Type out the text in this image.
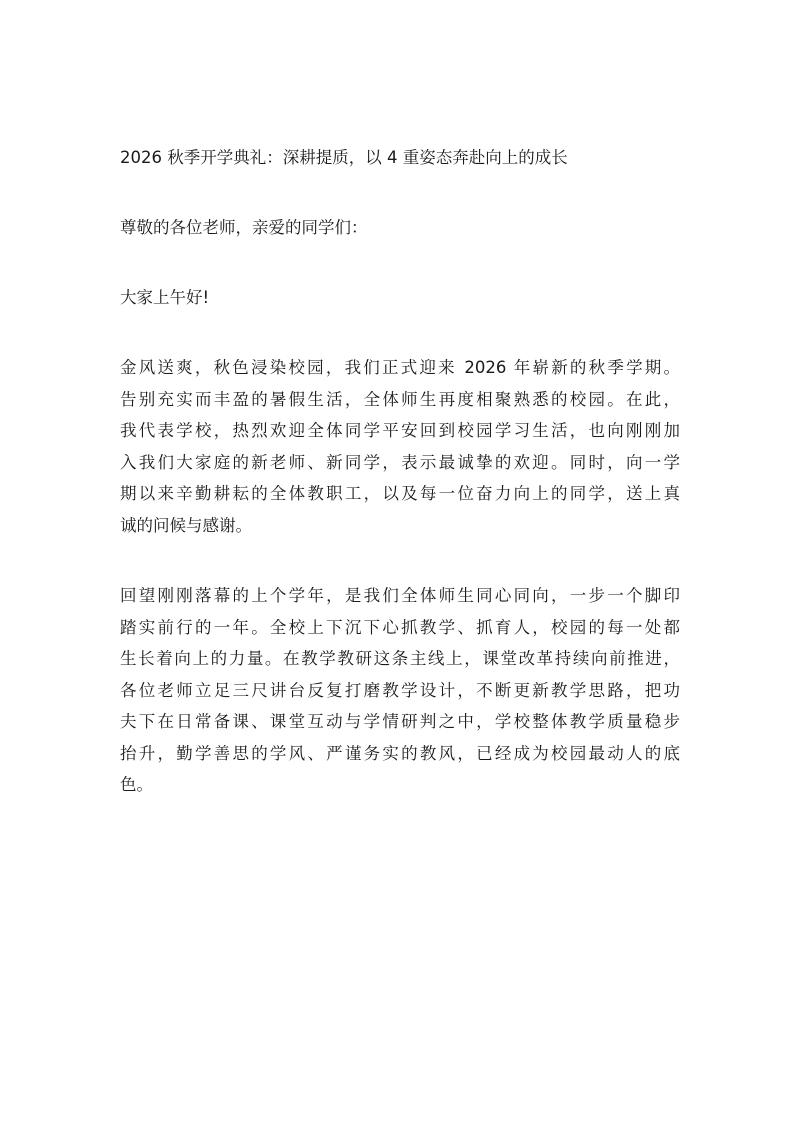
2026 秋季开学典礼：深耕提质，以 4 重姿态奔赴向上的成长

尊敬的各位老师，亲爱的同学们：

大家上午好!

金风送爽，秋色浸染校园，我们正式迎来 2026 年崭新的秋季学期。
告别充实而丰盈的暑假生活，全体师生再度相聚熟悉的校园。在此，
我代表学校，热烈欢迎全体同学平安回到校园学习生活，也向刚刚加
入我们大家庭的新老师、新同学，表示最诚挚的欢迎。同时，向一学
期以来辛勤耕耘的全体教职工，以及每一位奋力向上的同学，送上真
诚的问候与感谢。

回望刚刚落幕的上个学年，是我们全体师生同心同向，一步一个脚印
踏实前行的一年。全校上下沉下心抓教学、抓育人，校园的每一处都
生长着向上的力量。在教学教研这条主线上，课堂改革持续向前推进，
各位老师立足三尺讲台反复打磨教学设计，不断更新教学思路，把功
夫下在日常备课、课堂互动与学情研判之中，学校整体教学质量稳步
抬升，勤学善思的学风、严谨务实的教风，已经成为校园最动人的底
色。
